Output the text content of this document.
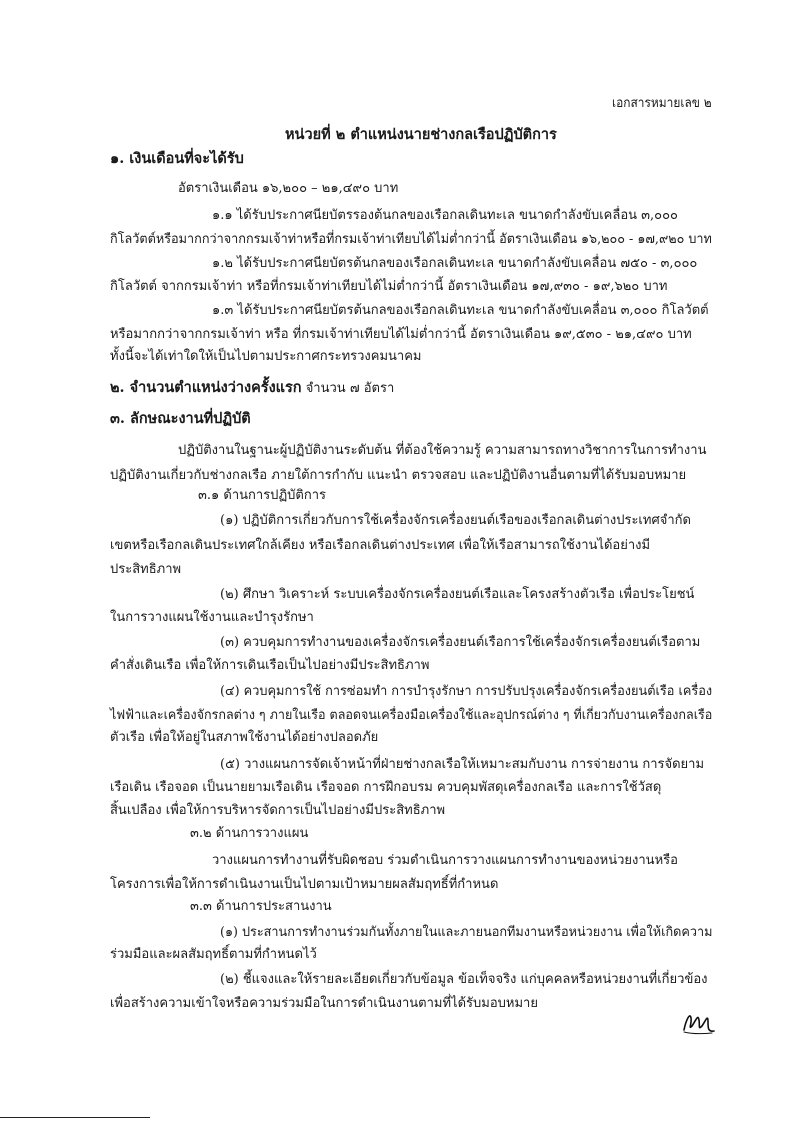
เอกสารหมายเลข ๒
หน่วยที่ ๒ ตำแหน่งนายช่างกลเรือปฏิบัติการ
๑. เงินเดือนที่จะได้รับ
อัตราเงินเดือน ๑๖,๒๐๐ – ๒๑,๔๙๐ บาท
๑.๑ ได้รับประกาศนียบัตรรองต้นกลของเรือกลเดินทะเล ขนาดกำลังขับเคลื่อน ๓,๐๐๐
กิโลวัตต์หรือมากกว่าจากกรมเจ้าท่าหรือที่กรมเจ้าท่าเทียบได้ไม่ต่ำกว่านี้ อัตราเงินเดือน ๑๖,๒๐๐ - ๑๗,๙๒๐ บาท
๑.๒ ได้รับประกาศนียบัตรต้นกลของเรือกลเดินทะเล ขนาดกำลังขับเคลื่อน ๗๕๐ - ๓,๐๐๐
กิโลวัตต์ จากกรมเจ้าท่า หรือที่กรมเจ้าท่าเทียบได้ไม่ต่ำกว่านี้ อัตราเงินเดือน ๑๗,๙๓๐ - ๑๙,๖๒๐ บาท
๑.๓ ได้รับประกาศนียบัตรต้นกลของเรือกลเดินทะเล ขนาดกำลังขับเคลื่อน ๓,๐๐๐ กิโลวัตต์
หรือมากกว่าจากกรมเจ้าท่า หรือ ที่กรมเจ้าท่าเทียบได้ไม่ต่ำกว่านี้ อัตราเงินเดือน ๑๙,๕๓๐ - ๒๑,๔๙๐ บาท
ทั้งนี้จะได้เท่าใดให้เป็นไปตามประกาศกระทรวงคมนาคม
๒. จำนวนตำแหน่งว่างครั้งแรก จำนวน ๗ อัตรา
๓. ลักษณะงานที่ปฏิบัติ
ปฏิบัติงานในฐานะผู้ปฏิบัติงานระดับต้น ที่ต้องใช้ความรู้ ความสามารถทางวิชาการในการทำงาน
ปฏิบัติงานเกี่ยวกับช่างกลเรือ ภายใต้การกำกับ แนะนำ ตรวจสอบ และปฏิบัติงานอื่นตามที่ได้รับมอบหมาย
๓.๑ ด้านการปฏิบัติการ
(๑) ปฏิบัติการเกี่ยวกับการใช้เครื่องจักรเครื่องยนต์เรือของเรือกลเดินต่างประเทศจำกัด
เขตหรือเรือกลเดินประเทศใกล้เคียง หรือเรือกลเดินต่างประเทศ เพื่อให้เรือสามารถใช้งานได้อย่างมี
ประสิทธิภาพ
(๒) ศึกษา วิเคราะห์ ระบบเครื่องจักรเครื่องยนต์เรือและโครงสร้างตัวเรือ เพื่อประโยชน์
ในการวางแผนใช้งานและบำรุงรักษา
(๓) ควบคุมการทำงานของเครื่องจักรเครื่องยนต์เรือการใช้เครื่องจักรเครื่องยนต์เรือตาม
คำสั่งเดินเรือ เพื่อให้การเดินเรือเป็นไปอย่างมีประสิทธิภาพ
(๔) ควบคุมการใช้ การซ่อมทำ การบำรุงรักษา การปรับปรุงเครื่องจักรเครื่องยนต์เรือ เครื่อง
ไฟฟ้าและเครื่องจักรกลต่าง ๆ ภายในเรือ ตลอดจนเครื่องมือเครื่องใช้และอุปกรณ์ต่าง ๆ ที่เกี่ยวกับงานเครื่องกลเรือ
ตัวเรือ เพื่อให้อยู่ในสภาพใช้งานได้อย่างปลอดภัย
(๕) วางแผนการจัดเจ้าหน้าที่ฝ่ายช่างกลเรือให้เหมาะสมกับงาน การจ่ายงาน การจัดยาม
เรือเดิน เรือจอด เป็นนายยามเรือเดิน เรือจอด การฝึกอบรม ควบคุมพัสดุเครื่องกลเรือ และการใช้วัสดุ
สิ้นเปลือง เพื่อให้การบริหารจัดการเป็นไปอย่างมีประสิทธิภาพ
๓.๒ ด้านการวางแผน
วางแผนการทำงานที่รับผิดชอบ ร่วมดำเนินการวางแผนการทำงานของหน่วยงานหรือ
โครงการเพื่อให้การดำเนินงานเป็นไปตามเป้าหมายผลสัมฤทธิ์ที่กำหนด
๓.๓ ด้านการประสานงาน
(๑) ประสานการทำงานร่วมกันทั้งภายในและภายนอกทีมงานหรือหน่วยงาน เพื่อให้เกิดความ
ร่วมมือและผลสัมฤทธิ์ตามที่กำหนดไว้
(๒) ชี้แจงและให้รายละเอียดเกี่ยวกับข้อมูล ข้อเท็จจริง แก่บุคคลหรือหน่วยงานที่เกี่ยวข้อง
เพื่อสร้างความเข้าใจหรือความร่วมมือในการดำเนินงานตามที่ได้รับมอบหมาย
